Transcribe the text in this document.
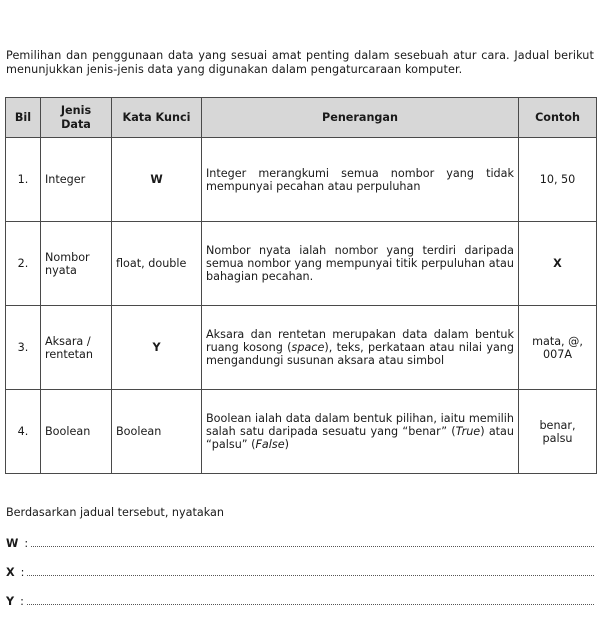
Pemilihan dan penggunaan data yang sesuai amat penting dalam sesebuah atur cara. Jadual berikut menunjukkan jenis-jenis data yang digunakan dalam pengaturcaraan komputer.

Bil	Jenis Data	Kata Kunci	Penerangan	Contoh
1.	Integer	W	Integer merangkumi semua nombor yang tidak mempunyai pecahan atau perpuluhan	10, 50
2.	Nombor nyata	float, double	Nombor nyata ialah nombor yang terdiri daripada semua nombor yang mempunyai titik perpuluhan atau bahagian pecahan.	X
3.	Aksara / rentetan	Y	Aksara dan rentetan merupakan data dalam bentuk ruang kosong (space), teks, perkataan atau nilai yang mengandungi susunan aksara atau simbol	mata, @, 007A
4.	Boolean	Boolean	Boolean ialah data dalam bentuk pilihan, iaitu memilih salah satu daripada sesuatu yang “benar” (True) atau “palsu” (False)	benar, palsu
Berdasarkan jadual tersebut, nyatakan
W :
X :
Y :
